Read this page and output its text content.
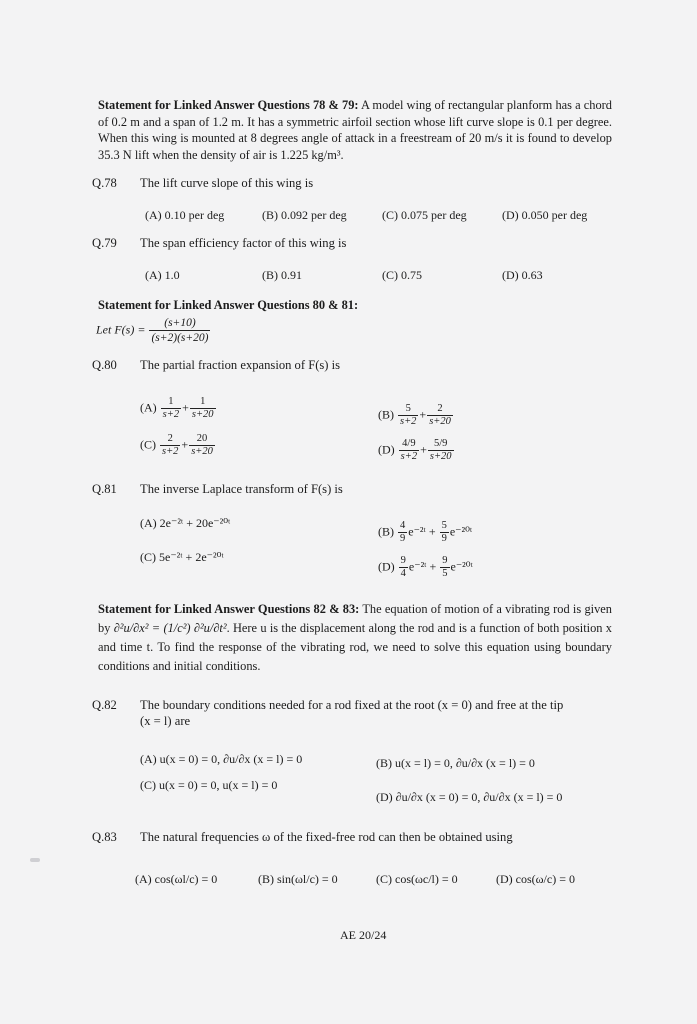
Statement for Linked Answer Questions 78 & 79: A model wing of rectangular planform has a chord of 0.2 m and a span of 1.2 m. It has a symmetric airfoil section whose lift curve slope is 0.1 per degree. When this wing is mounted at 8 degrees angle of attack in a freestream of 20 m/s it is found to develop 35.3 N lift when the density of air is 1.225 kg/m³.
Q.78 The lift curve slope of this wing is
(A) 0.10 per deg	(B) 0.092 per deg	(C) 0.075 per deg	(D) 0.050 per deg
Q.79 The span efficiency factor of this wing is
(A) 1.0	(B) 0.91	(C) 0.75	(D) 0.63
Statement for Linked Answer Questions 80 & 81:
Let $F(s) = \frac{(s+10)}{(s+2)(s+20)}$
Q.80 The partial fraction expansion of F(s) is
$(A) \frac{1}{s+2} + \frac{1}{s+20}$	$(B) \frac{5}{s+2} + \frac{2}{s+20}$
$(C) \frac{2}{s+2} + \frac{20}{s+20}$	$(D) \frac{4/9}{s+2} + \frac{5/9}{s+20}$
Q.81 The inverse Laplace transform of F(s) is
(A) 2e⁻²ᵗ + 20e⁻²⁰ᵗ
(C) 5e⁻²ᵗ + 2e⁻²⁰ᵗ
$(B) \frac{4}{9}$ e⁻²ᵗ + $\frac{5}{9}$ e⁻²⁰ᵗ
$(D) \frac{9}{4}$ e⁻²ᵗ + $\frac{9}{5}$ e⁻²⁰ᵗ
Statement for Linked Answer Questions 82 & 83: The equation of motion of a vibrating rod is given by ∂²u/∂x² = (1/c²) ∂²u/∂t². Here u is the displacement along the rod and is a function of both position x and time t. To find the response of the vibrating rod, we need to solve this equation using boundary conditions and initial conditions.
Q.82 The boundary conditions needed for a rod fixed at the root (x = 0) and free at the tip
(x = l) are
(A) u(x = 0) = 0, ∂u/∂x (x = l) = 0
(C) u(x = 0) = 0, u(x = l) = 0
(B) u(x = l) = 0, ∂u/∂x (x = l) = 0
(D) ∂u/∂x (x = 0) = 0, ∂u/∂x (x = l) = 0
Q.83 The natural frequencies ω of the fixed-free rod can then be obtained using
(A) cos(ωl/c) = 0	(B) sin(ωl/c) = 0	(C) cos(ωc/l) = 0	(D) cos(ω/c) = 0
AE 20/24
